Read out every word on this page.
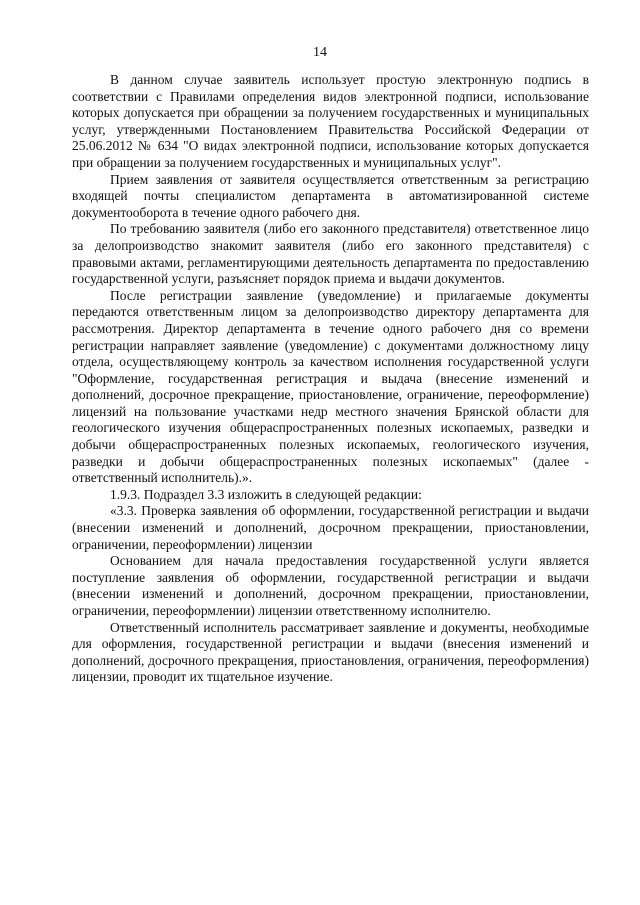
14

В данном случае заявитель использует простую электронную подпись в соответствии с Правилами определения видов электронной подписи, использование которых допускается при обращении за получением государственных и муниципальных услуг, утвержденными Постановлением Правительства Российской Федерации от 25.06.2012 № 634 "О видах электронной подписи, использование которых допускается при обращении за получением государственных и муниципальных услуг".

Прием заявления от заявителя осуществляется ответственным за регистрацию входящей почты специалистом департамента в автоматизированной системе документооборота в течение одного рабочего дня.

По требованию заявителя (либо его законного представителя) ответственное лицо за делопроизводство знакомит заявителя (либо его законного представителя) с правовыми актами, регламентирующими деятельность департамента по предоставлению государственной услуги, разъясняет порядок приема и выдачи документов.

После регистрации заявление (уведомление) и прилагаемые документы передаются ответственным лицом за делопроизводство директору департамента для рассмотрения. Директор департамента в течение одного рабочего дня со времени регистрации направляет заявление (уведомление) с документами должностному лицу отдела, осуществляющему контроль за качеством исполнения государственной услуги "Оформление, государственная регистрация и выдача (внесение изменений и дополнений, досрочное прекращение, приостановление, ограничение, переоформление) лицензий на пользование участками недр местного значения Брянской области для геологического изучения общераспространенных полезных ископаемых, разведки и добычи общераспространенных полезных ископаемых, геологического изучения, разведки и добычи общераспространенных полезных ископаемых" (далее - ответственный исполнитель).».

1.9.3. Подраздел 3.3 изложить в следующей редакции:

«3.3. Проверка заявления об оформлении, государственной регистрации и выдачи (внесении изменений и дополнений, досрочном прекращении, приостановлении, ограничении, переоформлении) лицензии

Основанием для начала предоставления государственной услуги является поступление заявления об оформлении, государственной регистрации и выдачи (внесении изменений и дополнений, досрочном прекращении, приостановлении, ограничении, переоформлении) лицензии ответственному исполнителю.

Ответственный исполнитель рассматривает заявление и документы, необходимые для оформления, государственной регистрации и выдачи (внесения изменений и дополнений, досрочного прекращения, приостановления, ограничения, переоформления) лицензии, проводит их тщательное изучение.
